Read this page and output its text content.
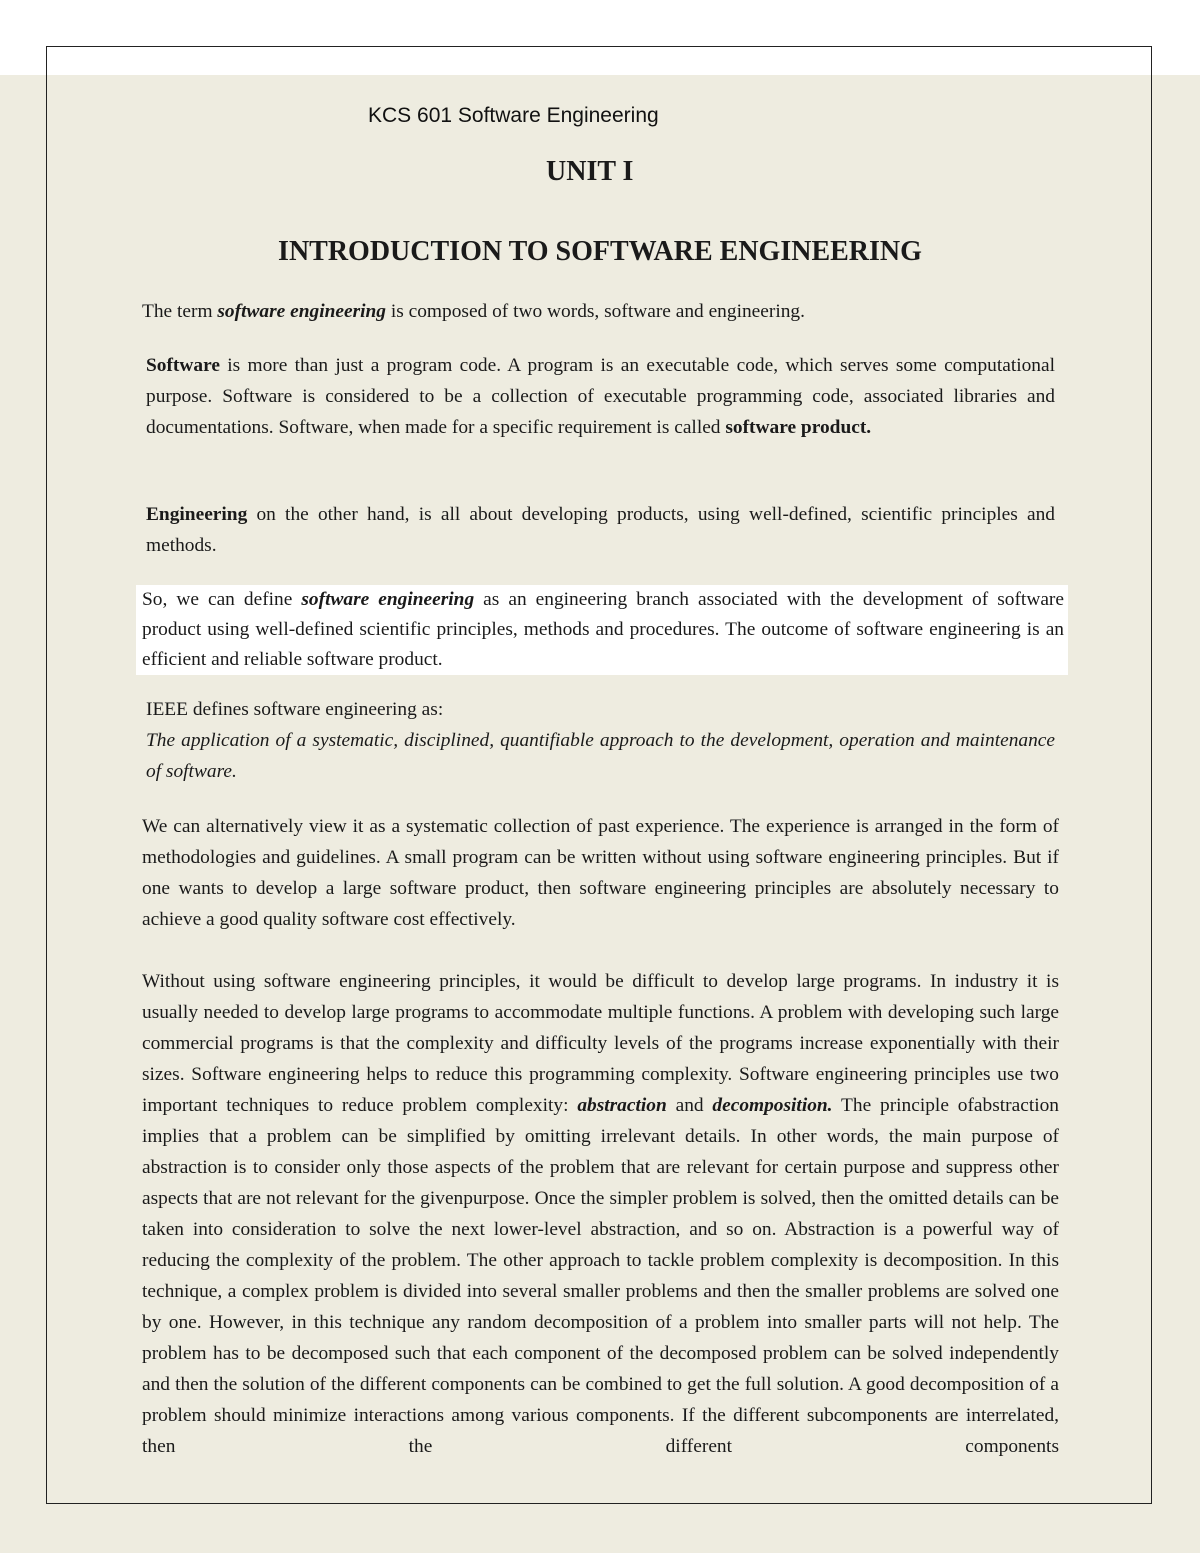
KCS 601 Software Engineering
UNIT I
INTRODUCTION TO SOFTWARE ENGINEERING

The term software engineering is composed of two words, software and engineering.

Software is more than just a program code. A program is an executable code, which serves some computational purpose. Software is considered to be a collection of executable programming code, associated libraries and documentations. Software, when made for a specific requirement is called software product.

Engineering on the other hand, is all about developing products, using well-defined, scientific principles and methods.

So, we can define software engineering as an engineering branch associated with the development of software product using well-defined scientific principles, methods and procedures. The outcome of software engineering is an efficient and reliable software product.

IEEE defines software engineering as:
The application of a systematic, disciplined, quantifiable approach to the development, operation and maintenance of software.

We can alternatively view it as a systematic collection of past experience. The experience is arranged in the form of methodologies and guidelines. A small program can be written without using software engineering principles. But if one wants to develop a large software product, then software engineering principles are absolutely necessary to achieve a good quality software cost effectively.

Without using software engineering principles, it would be difficult to develop large programs. In industry it is usually needed to develop large programs to accommodate multiple functions. A problem with developing such large commercial programs is that the complexity and difficulty levels of the programs increase exponentially with their sizes. Software engineering helps to reduce this programming complexity. Software engineering principles use two important techniques to reduce problem complexity: abstraction and decomposition. The principle ofabstraction implies that a problem can be simplified by omitting irrelevant details. In other words, the main purpose of abstraction is to consider only those aspects of the problem that are relevant for certain purpose and suppress other aspects that are not relevant for the givenpurpose. Once the simpler problem is solved, then the omitted details can be taken into consideration to solve the next lower-level abstraction, and so on. Abstraction is a powerful way of reducing the complexity of the problem. The other approach to tackle problem complexity is decomposition. In this technique, a complex problem is divided into several smaller problems and then the smaller problems are solved one by one. However, in this technique any random decomposition of a problem into smaller parts will not help. The problem has to be decomposed such that each component of the decomposed problem can be solved independently and then the solution of the different components can be combined to get the full solution. A good decomposition of a problem should minimize interactions among various components. If the different subcomponents are interrelated, then the different components
